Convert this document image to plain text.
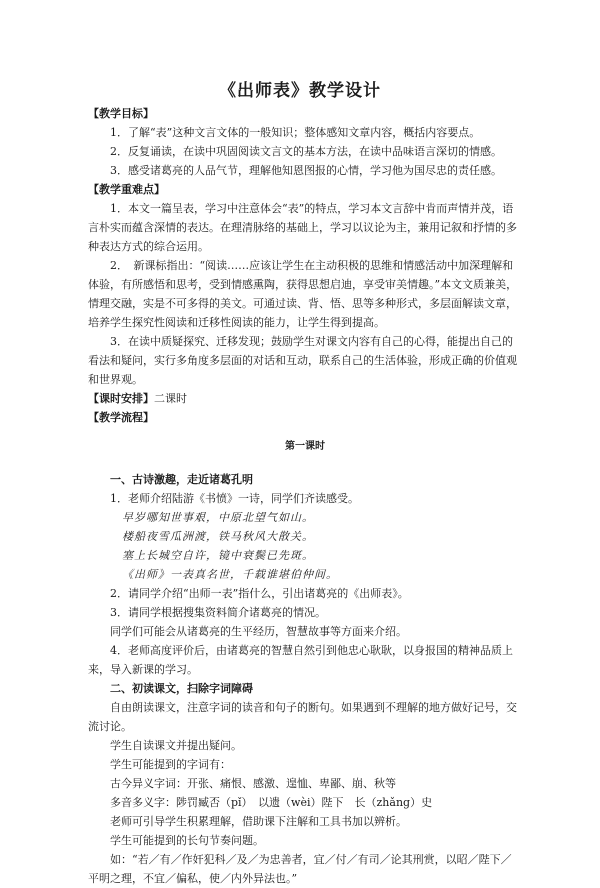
《出师表》教学设计
【教学目标】
1．了解“表”这种文言文体的一般知识；整体感知文章内容，概括内容要点。
2．反复诵读，在读中巩固阅读文言文的基本方法，在读中品味语言深切的情感。
3．感受诸葛亮的人品气节，理解他知恩图报的心情，学习他为国尽忠的责任感。
【教学重难点】
1．本文一篇呈表，学习中注意体会“表”的特点，学习本文言辞中肯而声情并茂，语言朴实而蕴含深情的表达。在理清脉络的基础上，学习以议论为主，兼用记叙和抒情的多种表达方式的综合运用。
2．　新课标指出：“阅读……应该让学生在主动积极的思维和情感活动中加深理解和体验，有所感悟和思考，受到情感熏陶，获得思想启迪，享受审美情趣。”本文文质兼美，情理交融，实是不可多得的美文。可通过读、背、悟、思等多种形式，多层面解读文章，培养学生探究性阅读和迁移性阅读的能力，让学生得到提高。
3．在读中质疑探究、迁移发现；鼓励学生对课文内容有自己的心得，能提出自己的看法和疑问，实行多角度多层面的对话和互动，联系自己的生活体验，形成正确的价值观和世界观。
【课时安排】二课时
【教学流程】
第一课时
一、古诗激趣，走近诸葛孔明
1．老师介绍陆游《书愤》一诗，同学们齐读感受。
早岁哪知世事艰，中原北望气如山。
楼船夜雪瓜洲渡，铁马秋风大散关。
塞上长城空自许，镜中衰鬓已先斑。
《出师》一表真名世，千载谁堪伯仲间。
2．请同学介绍“出师一表”指什么，引出诸葛亮的《出师表》。
3．请同学根据搜集资料简介诸葛亮的情况。
同学们可能会从诸葛亮的生平经历，智慧故事等方面来介绍。
4．老师高度评价后，由诸葛亮的智慧自然引到他忠心耿耿，以身报国的精神品质上来，导入新课的学习。
二、初读课文，扫除字词障碍
自由朗读课文，注意字词的读音和句子的断句。如果遇到不理解的地方做好记号，交流讨论。
学生自读课文并提出疑问。
学生可能提到的字词有：
古今异义字词：开张、痛恨、感激、遑恤、卑鄙、崩、秋等
多音多义字：陟罚臧否（pǐ）　以遗（wèi）陛下　长（zhǎng）史
老师可引导学生积累理解，借助课下注解和工具书加以辨析。
学生可能提到的长句节奏问题。
如：“若／有／作奸犯科／及／为忠善者，宜／付／有司／论其刑赏，以昭／陛下／平明之理，不宜／偏私，使／内外异法也。”
